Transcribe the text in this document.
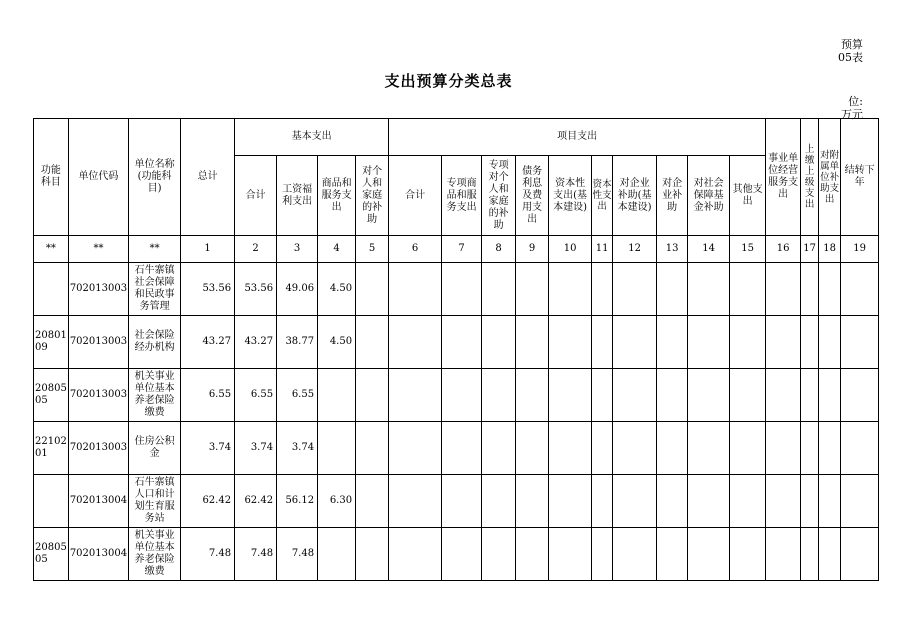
预算
05表
支出预算分类总表
位:
万元
功能科目	单位代码	单位名称(功能科目)	总计	基本支出				项目支出										事业单位经营服务支出	上缴上级支出	对附属单位补助支出	结转下年
				合计	工资福利支出	商品和服务支出	对个人和家庭的补助	合计	专项商品和服务支出	专项对个人和家庭的补助	债务利息及费用支出	资本性支出(基本建设)	资本性支出	对企业补助(基本建设)	对企业补助	对社会保障基金补助	其他支出				
**	**	**	1	2	3	4	5	6	7	8	9	10	11	12	13	14	15	16	17	18	19
	702013003	石牛寨镇社会保障和民政事务管理	53.56	53.56	49.06	4.50															
20801 09	702013003	社会保险经办机构	43.27	43.27	38.77	4.50															
20805 05	702013003	机关事业单位基本养老保险缴费	6.55	6.55	6.55																
22102 01	702013003	住房公积金	3.74	3.74	3.74																
	702013004	石牛寨镇人口和计划生育服务站	62.42	62.42	56.12	6.30															
20805 05	702013004	机关事业单位基本养老保险缴费	7.48	7.48	7.48																
